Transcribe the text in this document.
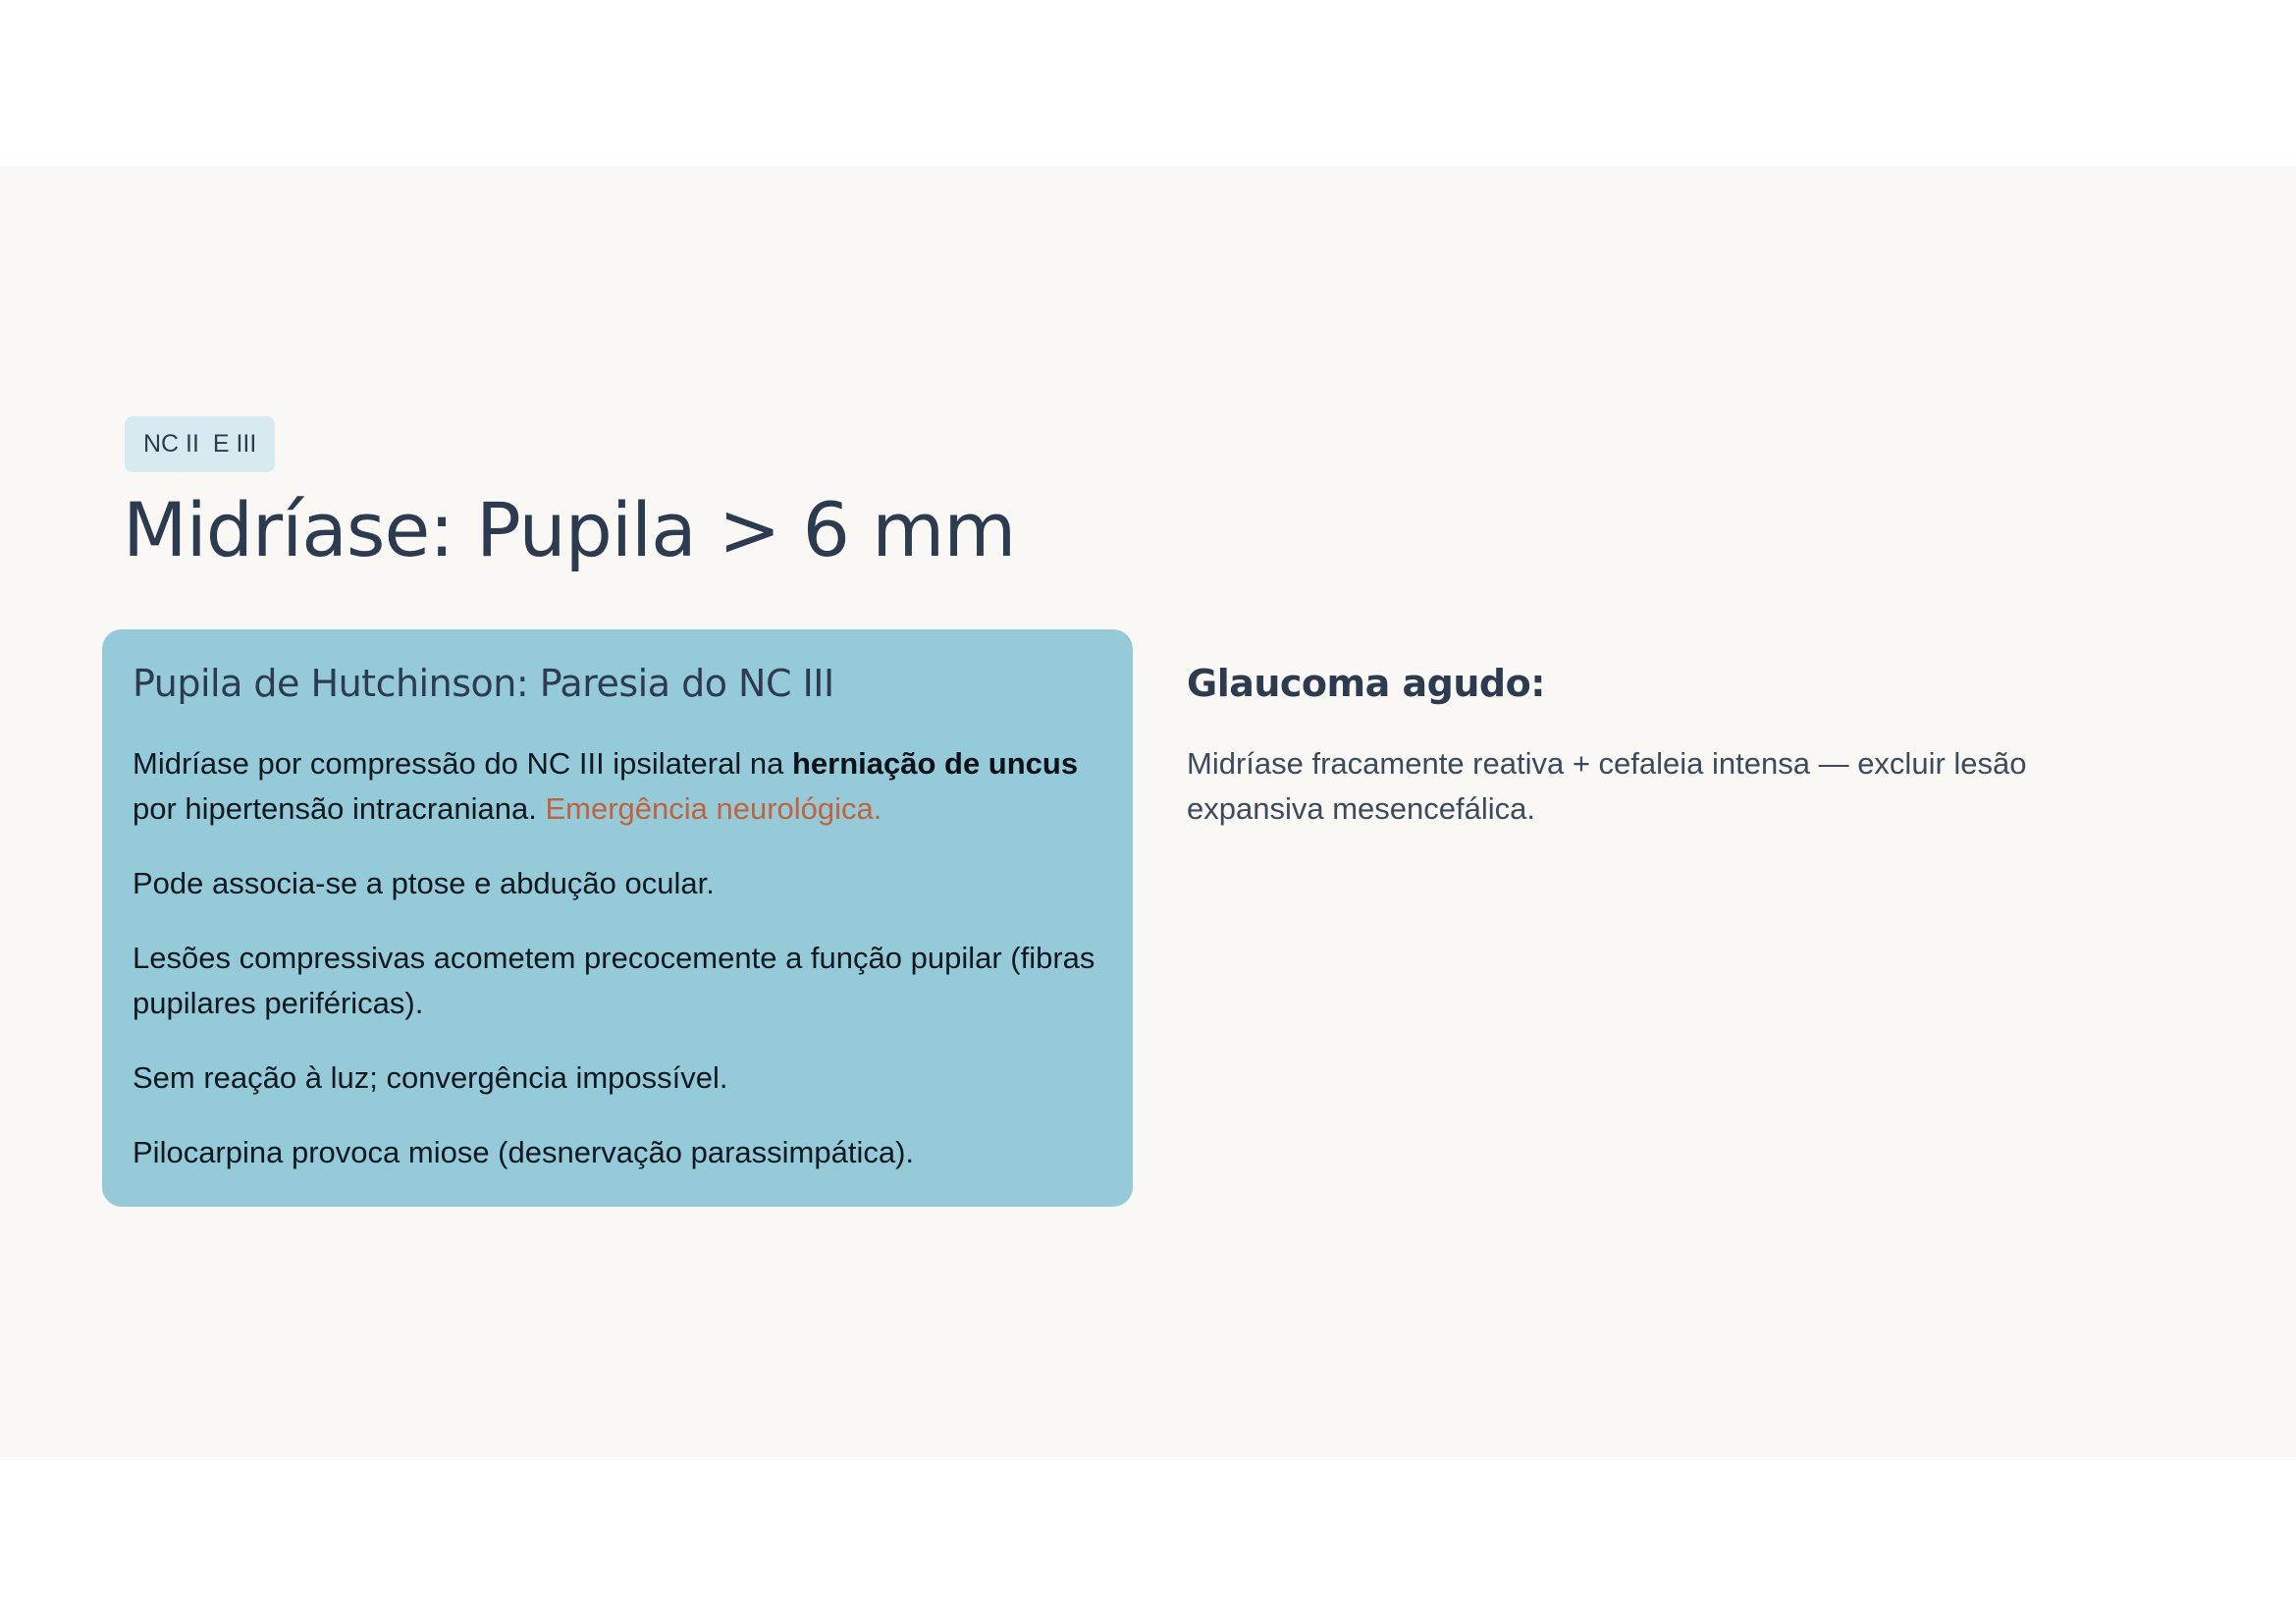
NC II  E III
Midríase: Pupila > 6 mm
Pupila de Hutchinson: Paresia do NC III

Midríase por compressão do NC III ipsilateral na herniação de uncus por hipertensão intracraniana. Emergência neurológica.

Pode associa-se a ptose e abdução ocular.

Lesões compressivas acometem precocemente a função pupilar (fibras pupilares periféricas).

Sem reação à luz; convergência impossível.

Pilocarpina provoca miose (desnervação parassimpática).

Glaucoma agudo:

Midríase fracamente reativa + cefaleia intensa — excluir lesão expansiva mesencefálica.
